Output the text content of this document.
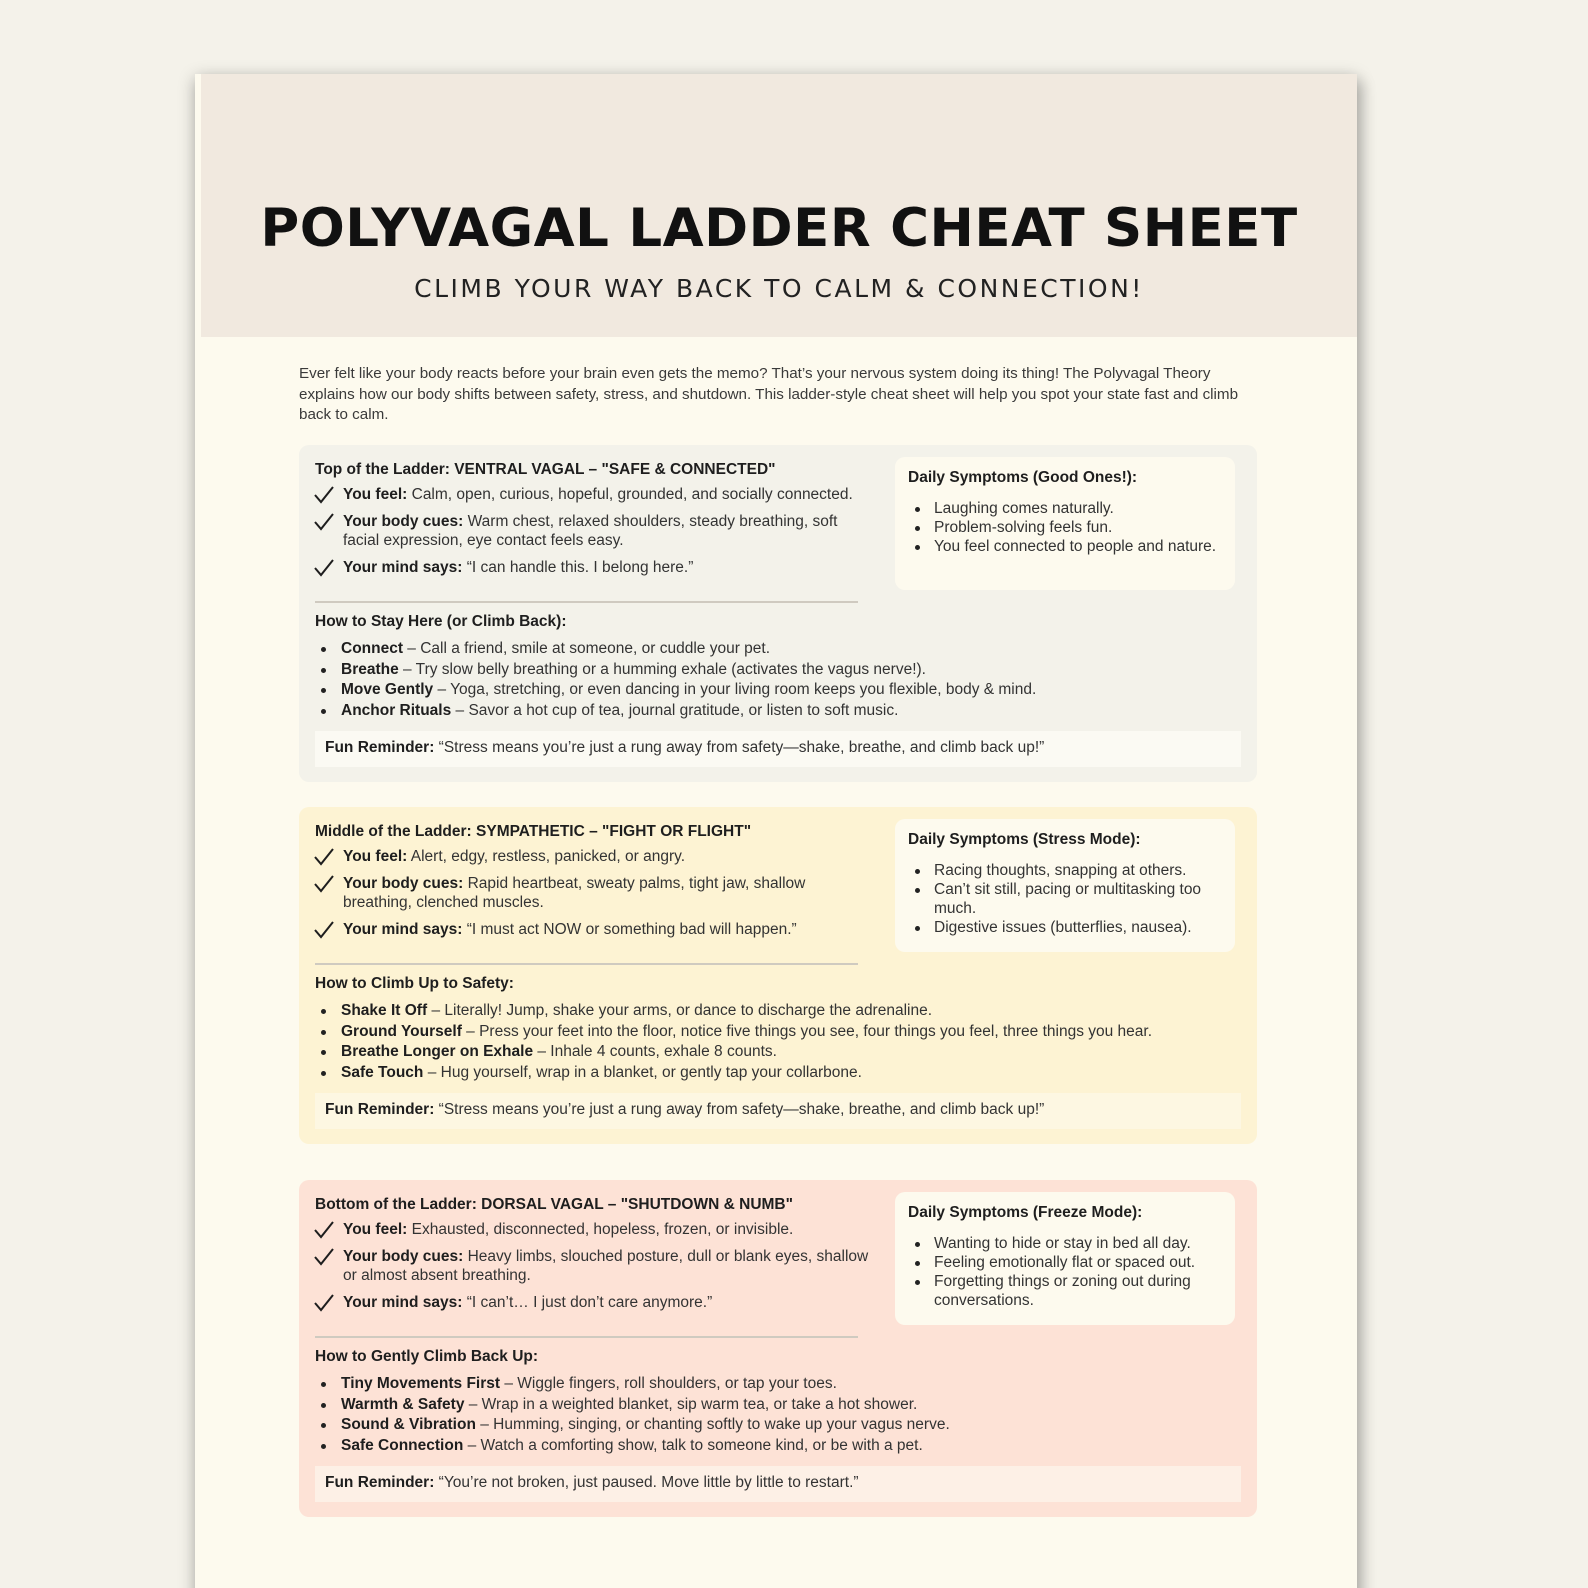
POLYVAGAL LADDER CHEAT SHEET
CLIMB YOUR WAY BACK TO CALM & CONNECTION!

Ever felt like your body reacts before your brain even gets the memo? That’s your nervous system doing its thing! The Polyvagal Theory explains how our body shifts between safety, stress, and shutdown. This ladder-style cheat sheet will help you spot your state fast and climb back to calm.

Top of the Ladder: VENTRAL VAGAL – "SAFE & CONNECTED"
You feel: Calm, open, curious, hopeful, grounded, and socially connected.
Your body cues: Warm chest, relaxed shoulders, steady breathing, soft facial expression, eye contact feels easy.
Your mind says: “I can handle this. I belong here.”
Daily Symptoms (Good Ones!):
Laughing comes naturally.
Problem-solving feels fun.
You feel connected to people and nature.
How to Stay Here (or Climb Back):
Connect – Call a friend, smile at someone, or cuddle your pet.
Breathe – Try slow belly breathing or a humming exhale (activates the vagus nerve!).
Move Gently – Yoga, stretching, or even dancing in your living room keeps you flexible, body & mind.
Anchor Rituals – Savor a hot cup of tea, journal gratitude, or listen to soft music.
Fun Reminder: “Stress means you’re just a rung away from safety—shake, breathe, and climb back up!”
Middle of the Ladder: SYMPATHETIC – "FIGHT OR FLIGHT"
You feel: Alert, edgy, restless, panicked, or angry.
Your body cues: Rapid heartbeat, sweaty palms, tight jaw, shallow breathing, clenched muscles.
Your mind says: “I must act NOW or something bad will happen.”
Daily Symptoms (Stress Mode):
Racing thoughts, snapping at others.
Can’t sit still, pacing or multitasking too much.
Digestive issues (butterflies, nausea).
How to Climb Up to Safety:
Shake It Off – Literally! Jump, shake your arms, or dance to discharge the adrenaline.
Ground Yourself – Press your feet into the floor, notice five things you see, four things you feel, three things you hear.
Breathe Longer on Exhale – Inhale 4 counts, exhale 8 counts.
Safe Touch – Hug yourself, wrap in a blanket, or gently tap your collarbone.
Fun Reminder: “Stress means you’re just a rung away from safety—shake, breathe, and climb back up!”
Bottom of the Ladder: DORSAL VAGAL – "SHUTDOWN & NUMB"
You feel: Exhausted, disconnected, hopeless, frozen, or invisible.
Your body cues: Heavy limbs, slouched posture, dull or blank eyes, shallow or almost absent breathing.
Your mind says: “I can’t… I just don’t care anymore.”
Daily Symptoms (Freeze Mode):
Wanting to hide or stay in bed all day.
Feeling emotionally flat or spaced out.
Forgetting things or zoning out during conversations.
How to Gently Climb Back Up:
Tiny Movements First – Wiggle fingers, roll shoulders, or tap your toes.
Warmth & Safety – Wrap in a weighted blanket, sip warm tea, or take a hot shower.
Sound & Vibration – Humming, singing, or chanting softly to wake up your vagus nerve.
Safe Connection – Watch a comforting show, talk to someone kind, or be with a pet.
Fun Reminder: “You’re not broken, just paused. Move little by little to restart.”
